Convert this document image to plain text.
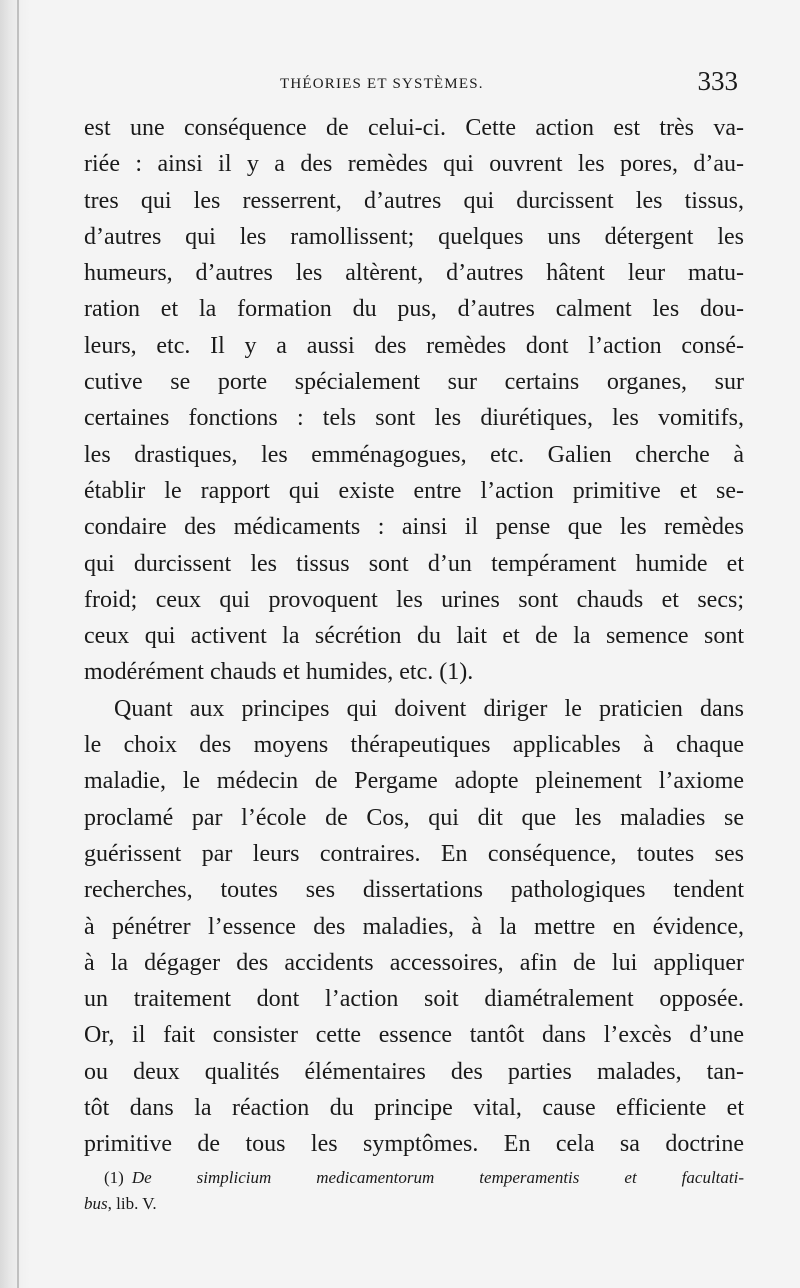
THÉORIES ET SYSTÈMES.	333
est une conséquence de celui-ci. Cette action est très va-
riée : ainsi il y a des remèdes qui ouvrent les pores, d’au-
tres qui les resserrent, d’autres qui durcissent les tissus,
d’autres qui les ramollissent; quelques uns détergent les
humeurs, d’autres les altèrent, d’autres hâtent leur matu-
ration et la formation du pus, d’autres calment les dou-
leurs, etc. Il y a aussi des remèdes dont l’action consé-
cutive se porte spécialement sur certains organes, sur
certaines fonctions : tels sont les diurétiques, les vomitifs,
les drastiques, les emménagogues, etc. Galien cherche à
établir le rapport qui existe entre l’action primitive et se-
condaire des médicaments : ainsi il pense que les remèdes
qui durcissent les tissus sont d’un tempérament humide et
froid; ceux qui provoquent les urines sont chauds et secs;
ceux qui activent la sécrétion du lait et de la semence sont
modérément chauds et humides, etc. (1).
Quant aux principes qui doivent diriger le praticien dans
le choix des moyens thérapeutiques applicables à chaque
maladie, le médecin de Pergame adopte pleinement l’axiome
proclamé par l’école de Cos, qui dit que les maladies se
guérissent par leurs contraires. En conséquence, toutes ses
recherches, toutes ses dissertations pathologiques tendent
à pénétrer l’essence des maladies, à la mettre en évidence,
à la dégager des accidents accessoires, afin de lui appliquer
un traitement dont l’action soit diamétralement opposée.
Or, il fait consister cette essence tantôt dans l’excès d’une
ou deux qualités élémentaires des parties malades, tan-
tôt dans la réaction du principe vital, cause efficiente et
primitive de tous les symptômes. En cela sa doctrine
(1) De simplicium medicamentorum temperamentis et facultati-
bus, lib. V.
